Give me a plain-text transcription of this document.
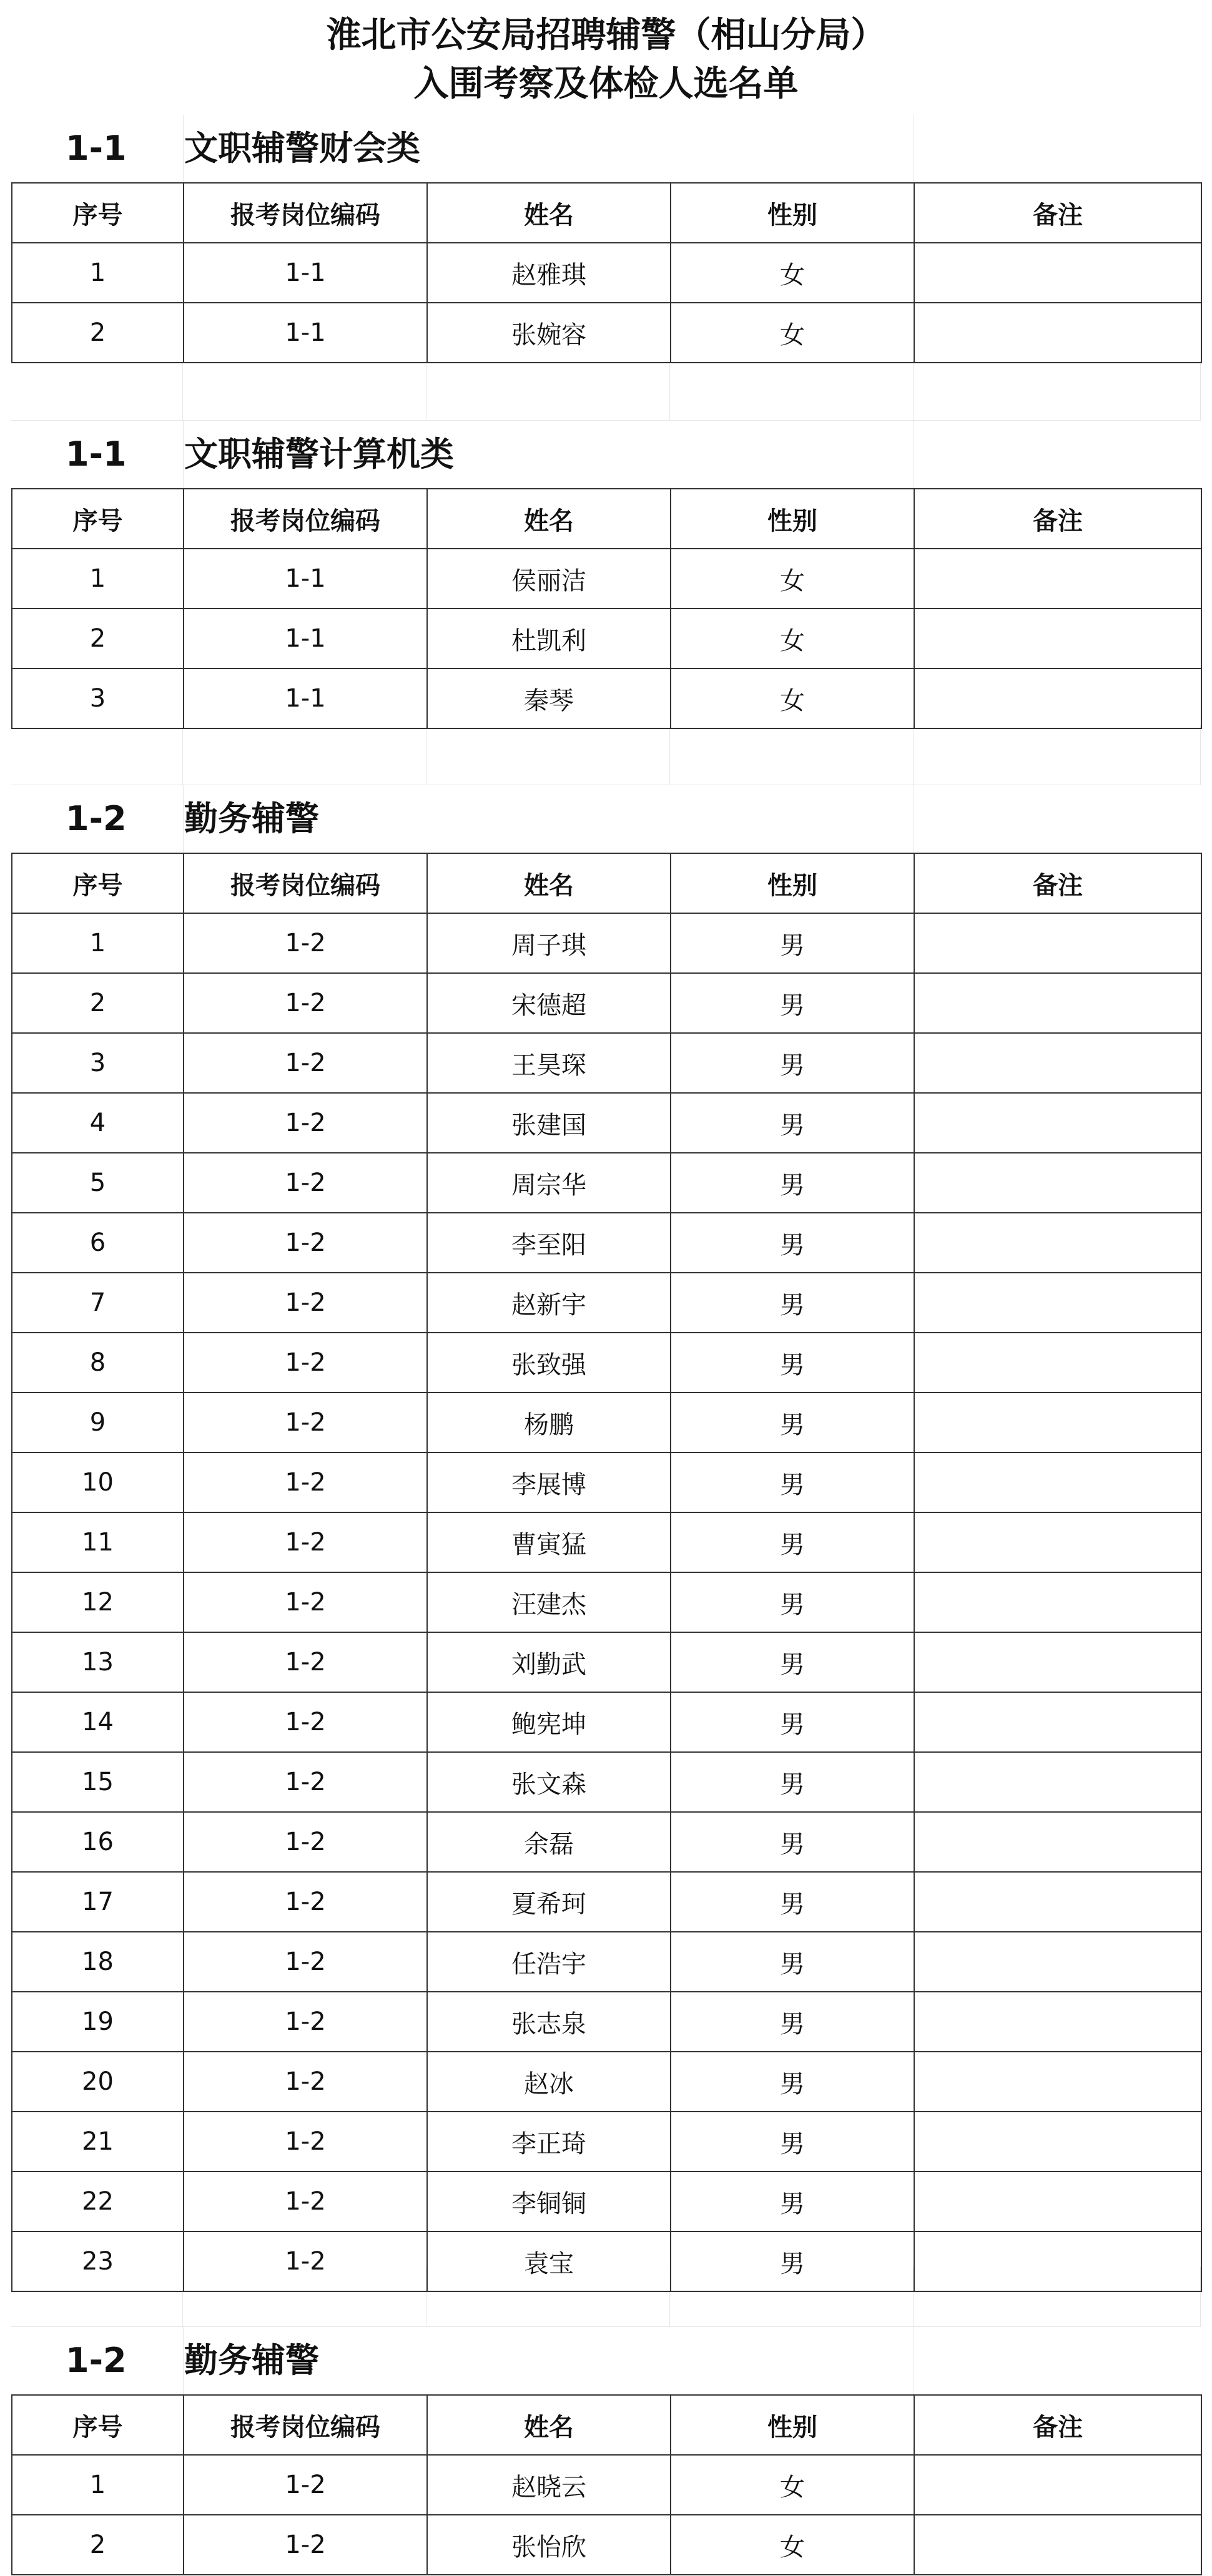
淮北市公安局招聘辅警（相山分局）
入围考察及体检人选名单
1-1 文职辅警财会类
序号	报考岗位编码	姓名	性别	备注
1	1-1	赵雅琪	女	
2	1-1	张婉容	女	
1-1 文职辅警计算机类
序号	报考岗位编码	姓名	性别	备注
1	1-1	侯丽洁	女	
2	1-1	杜凯利	女	
3	1-1	秦琴	女	
1-2 勤务辅警
序号	报考岗位编码	姓名	性别	备注
1	1-2	周子琪	男	
2	1-2	宋德超	男	
3	1-2	王昊琛	男	
4	1-2	张建国	男	
5	1-2	周宗华	男	
6	1-2	李至阳	男	
7	1-2	赵新宇	男	
8	1-2	张致强	男	
9	1-2	杨鹏	男	
10	1-2	李展博	男	
11	1-2	曹寅猛	男	
12	1-2	汪建杰	男	
13	1-2	刘勤武	男	
14	1-2	鲍宪坤	男	
15	1-2	张文森	男	
16	1-2	余磊	男	
17	1-2	夏希珂	男	
18	1-2	任浩宇	男	
19	1-2	张志泉	男	
20	1-2	赵冰	男	
21	1-2	李正琦	男	
22	1-2	李铜铜	男	
23	1-2	袁宝	男	
1-2 勤务辅警
序号	报考岗位编码	姓名	性别	备注
1	1-2	赵晓云	女	
2	1-2	张怡欣	女	
